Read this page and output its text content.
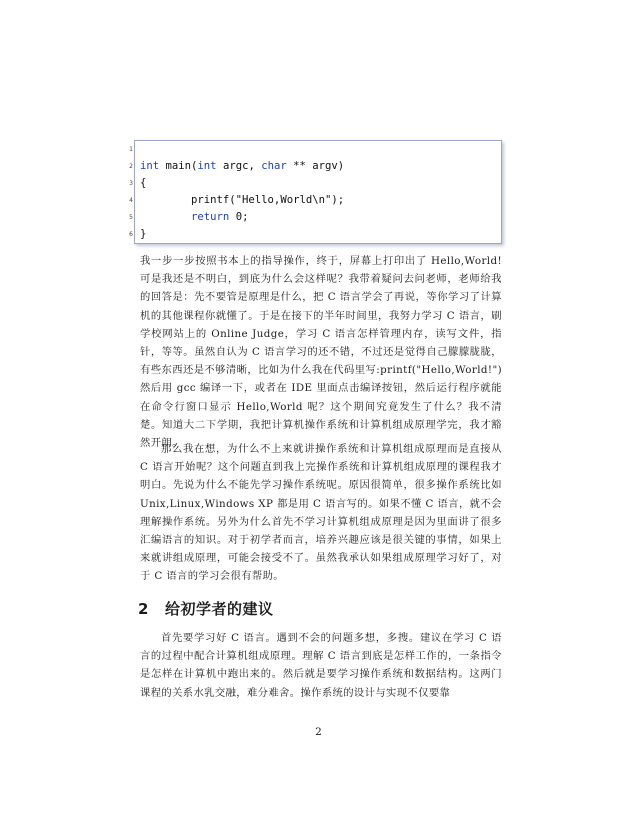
1
2 int main(int argc, char ** argv)
3 {
4 printf("Hello,World\n");
5	return 0;
6 }

我一步一步按照书本上的指导操作，终于，屏幕上打印出了 Hello,World! 可是我还是不明白，到底为什么会这样呢？我带着疑问去问老师，老师给我的回答是：先不要管是原理是什么，把 C 语言学会了再说，等你学习了计算机的其他课程你就懂了。于是在接下的半年时间里，我努力学习 C 语言，刷学校网站上的 Online Judge，学习 C 语言怎样管理内存，读写文件，指针，等等。虽然自认为 C 语言学习的还不错，不过还是觉得自己朦朦胧胧，有些东西还是不够清晰，比如为什么我在代码里写:printf("Hello,World!") 然后用 gcc 编译一下，或者在 IDE 里面点击编译按钮，然后运行程序就能在命令行窗口显示 Hello,World 呢？这个期间究竟发生了什么？我不清楚。知道大二下学期，我把计算机操作系统和计算机组成原理学完，我才豁然开朗。

那么我在想，为什么不上来就讲操作系统和计算机组成原理而是直接从 C 语言开始呢？这个问题直到我上完操作系统和计算机组成原理的课程我才明白。先说为什么不能先学习操作系统呢。原因很简单，很多操作系统比如 Unix,Linux,Windows XP 都是用 C 语言写的。如果不懂 C 语言，就不会理解操作系统。另外为什么首先不学习计算机组成原理是因为里面讲了很多汇编语言的知识。对于初学者而言，培养兴趣应该是很关键的事情，如果上来就讲组成原理，可能会接受不了。虽然我承认如果组成原理学习好了，对于 C 语言的学习会很有帮助。

2 给初学者的建议

首先要学习好 C 语言。遇到不会的问题多想，多搜。建议在学习 C 语言的过程中配合计算机组成原理。理解 C 语言到底是怎样工作的，一条指令是怎样在计算机中跑出来的。然后就是要学习操作系统和数据结构。这两门课程的关系水乳交融，难分难舍。操作系统的设计与实现不仅要靠

2
